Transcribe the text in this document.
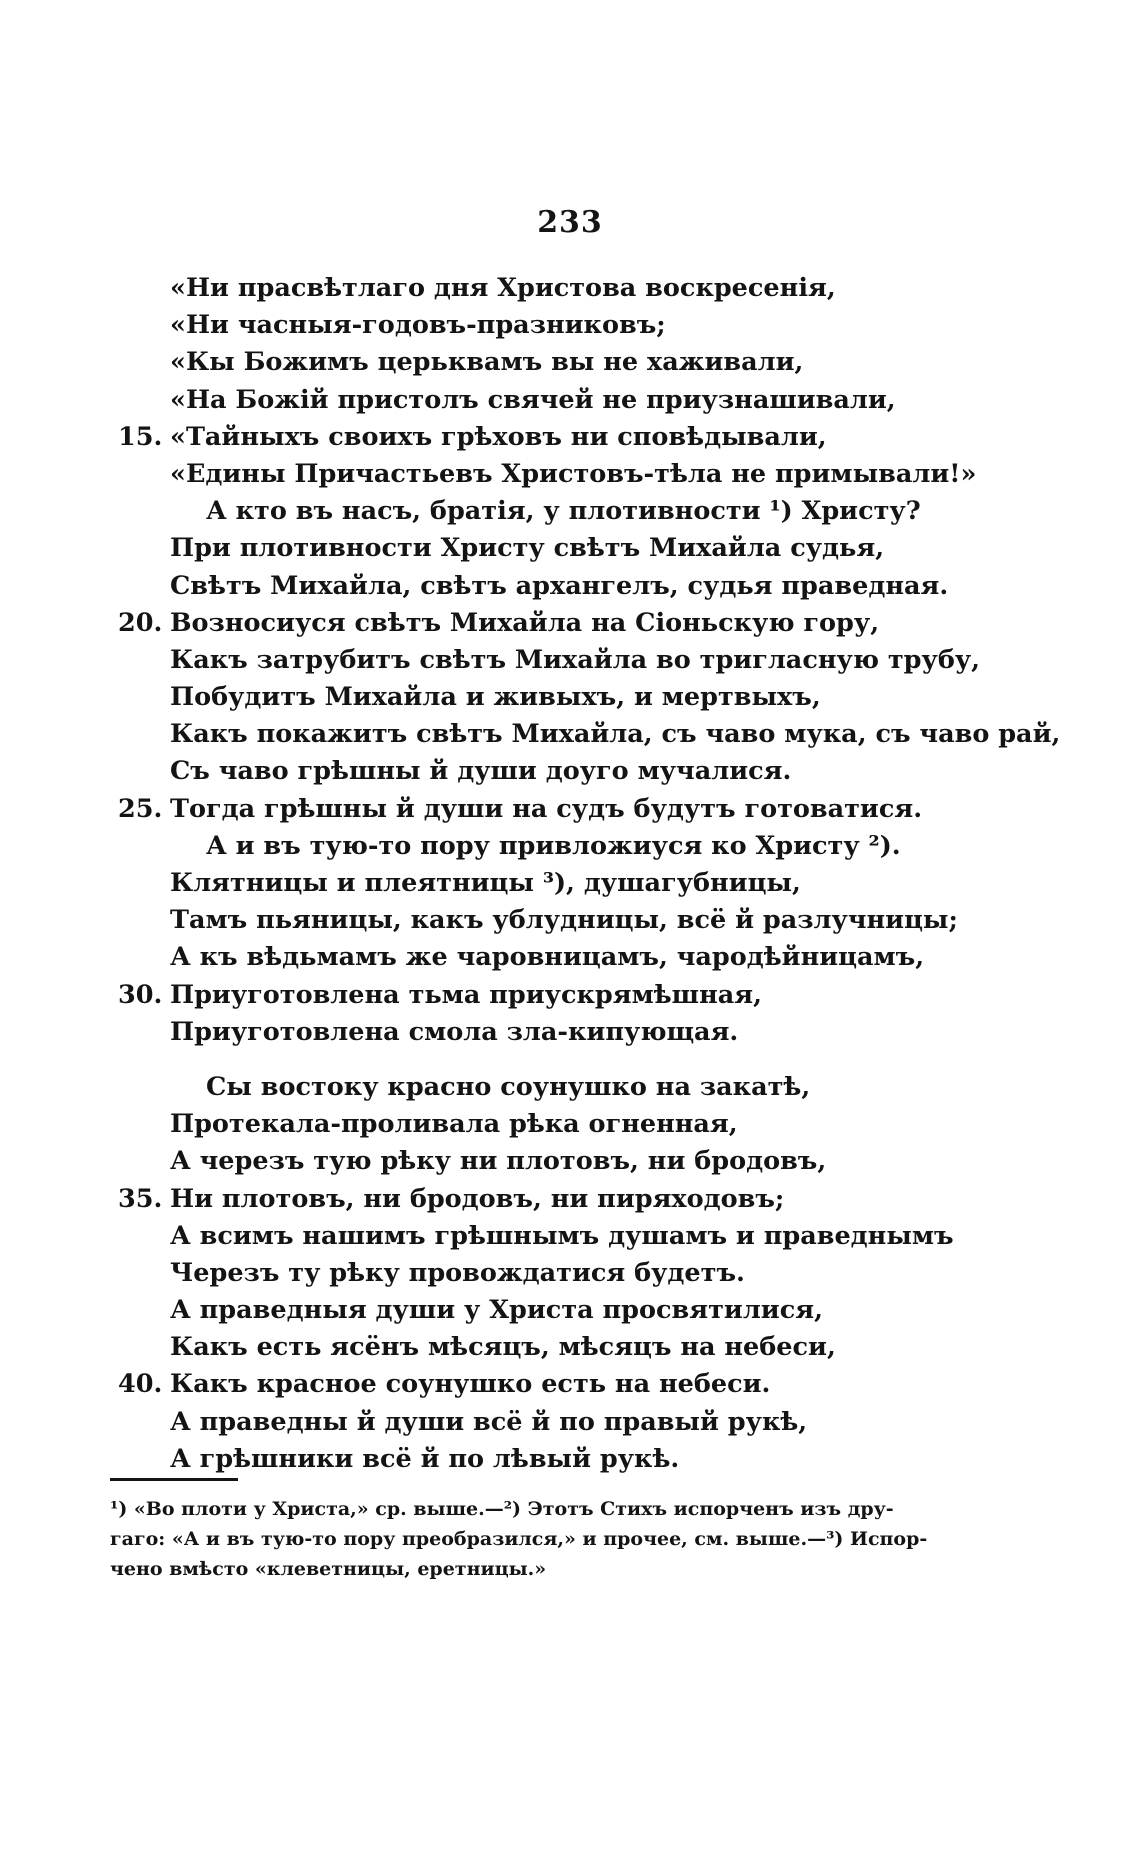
233
«Ни прасвѣтлаго дня Христова воскресенія,
«Ни часныя-годовъ-празниковъ;
«Кы Божимъ церьквамъ вы не хаживали,
«На Божій пристолъ свячей не приузнашивали,
15. «Тайныхъ своихъ грѣховъ ни сповѣдывали,
«Едины Причастьевъ Христовъ-тѣла не примывали!»
А кто въ насъ, братія, у плотивности ¹) Христу?
При плотивности Христу свѣтъ Михайла судья,
Свѣтъ Михайла, свѣтъ архангелъ, судья праведная.
20. Возносиуся свѣтъ Михайла на Сіоньскую гору,
Какъ затрубитъ свѣтъ Михайла во тригласную трубу,
Побудитъ Михайла и живыхъ, и мертвыхъ,
Какъ покажитъ свѣтъ Михайла, съ чаво мука, съ чаво рай,
Съ чаво грѣшны й души доуго мучалися.
25. Тогда грѣшны й души на судъ будутъ готоватися.
А и въ тую-то пору привложиуся ко Христу ²).
Клятницы и плеятницы ³), душагубницы,
Тамъ пьяницы, какъ ублудницы, всё й разлучницы;
А къ вѣдьмамъ же чаровницамъ, чародѣйницамъ,
30. Приуготовлена тьма приускрямѣшная,
Приуготовлена смола зла-кипующая.
Сы востоку красно соунушко на закатѣ,
Протекала-проливала рѣка огненная,
А черезъ тую рѣку ни плотовъ, ни бродовъ,
35. Ни плотовъ, ни бродовъ, ни пиряходовъ;
А всимъ нашимъ грѣшнымъ душамъ и праведнымъ
Черезъ ту рѣку провождатися будетъ.
А праведныя души у Христа просвятилися,
Какъ есть ясёнъ мѣсяцъ, мѣсяцъ на небеси,
40. Какъ красное соунушко есть на небеси.
А праведны й души всё й по правый рукѣ,
А грѣшники всё й по лѣвый рукѣ.
¹) «Во плоти у Христа,» ср. выше.—²) Этотъ Стихъ испорченъ изъ дру-
гаго: «А и въ тую-то пору преобразился,» и прочее, см. выше.—³) Испор-
чено вмѣсто «клеветницы, еретницы.»
